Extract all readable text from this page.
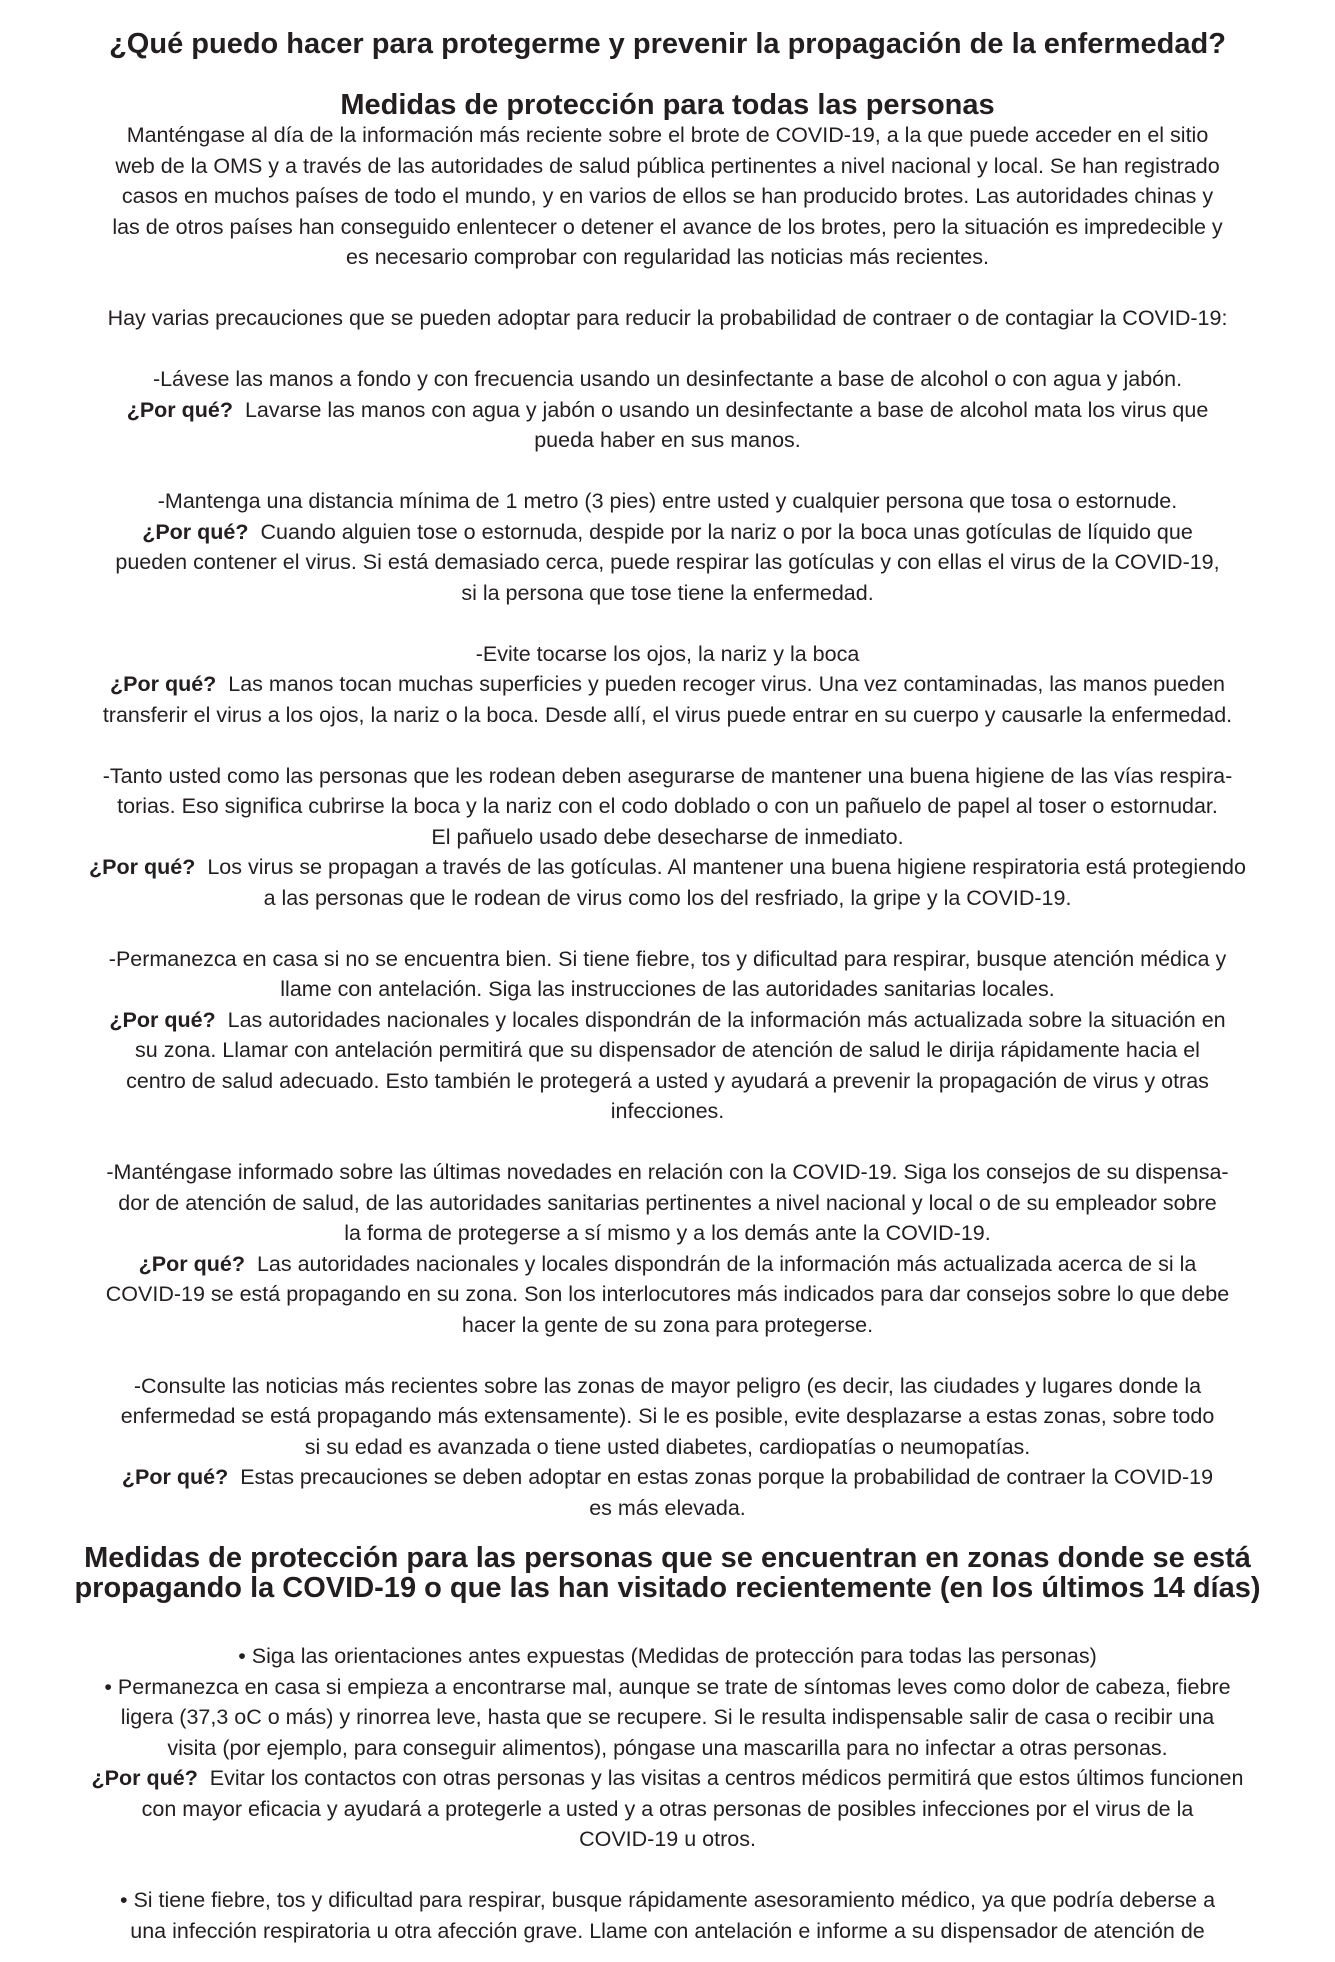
¿Qué puedo hacer para protegerme y prevenir la propagación de la enfermedad?
Medidas de protección para todas las personas

Manténgase al día de la información más reciente sobre el brote de COVID-19, a la que puede acceder en el sitio

web de la OMS y a través de las autoridades de salud pública pertinentes a nivel nacional y local. Se han registrado

casos en muchos países de todo el mundo, y en varios de ellos se han producido brotes. Las autoridades chinas y

las de otros países han conseguido enlentecer o detener el avance de los brotes, pero la situación es impredecible y

es necesario comprobar con regularidad las noticias más recientes.

Hay varias precauciones que se pueden adoptar para reducir la probabilidad de contraer o de contagiar la COVID-19:

-Lávese las manos a fondo y con frecuencia usando un desinfectante a base de alcohol o con agua y jabón.

¿Por qué? Lavarse las manos con agua y jabón o usando un desinfectante a base de alcohol mata los virus que

pueda haber en sus manos.

-Mantenga una distancia mínima de 1 metro (3 pies) entre usted y cualquier persona que tosa o estornude.

¿Por qué? Cuando alguien tose o estornuda, despide por la nariz o por la boca unas gotículas de líquido que

pueden contener el virus. Si está demasiado cerca, puede respirar las gotículas y con ellas el virus de la COVID-19,

si la persona que tose tiene la enfermedad.

-Evite tocarse los ojos, la nariz y la boca

¿Por qué? Las manos tocan muchas superficies y pueden recoger virus. Una vez contaminadas, las manos pueden

transferir el virus a los ojos, la nariz o la boca. Desde allí, el virus puede entrar en su cuerpo y causarle la enfermedad.

-Tanto usted como las personas que les rodean deben asegurarse de mantener una buena higiene de las vías respira-

torias. Eso significa cubrirse la boca y la nariz con el codo doblado o con un pañuelo de papel al toser o estornudar.

El pañuelo usado debe desecharse de inmediato.

¿Por qué? Los virus se propagan a través de las gotículas. Al mantener una buena higiene respiratoria está protegiendo

a las personas que le rodean de virus como los del resfriado, la gripe y la COVID-19.

-Permanezca en casa si no se encuentra bien. Si tiene fiebre, tos y dificultad para respirar, busque atención médica y

llame con antelación. Siga las instrucciones de las autoridades sanitarias locales.

¿Por qué? Las autoridades nacionales y locales dispondrán de la información más actualizada sobre la situación en

su zona. Llamar con antelación permitirá que su dispensador de atención de salud le dirija rápidamente hacia el

centro de salud adecuado. Esto también le protegerá a usted y ayudará a prevenir la propagación de virus y otras

infecciones.

-Manténgase informado sobre las últimas novedades en relación con la COVID-19. Siga los consejos de su dispensa-

dor de atención de salud, de las autoridades sanitarias pertinentes a nivel nacional y local o de su empleador sobre

la forma de protegerse a sí mismo y a los demás ante la COVID-19.

¿Por qué? Las autoridades nacionales y locales dispondrán de la información más actualizada acerca de si la

COVID-19 se está propagando en su zona. Son los interlocutores más indicados para dar consejos sobre lo que debe

hacer la gente de su zona para protegerse.

-Consulte las noticias más recientes sobre las zonas de mayor peligro (es decir, las ciudades y lugares donde la

enfermedad se está propagando más extensamente). Si le es posible, evite desplazarse a estas zonas, sobre todo

si su edad es avanzada o tiene usted diabetes, cardiopatías o neumopatías.

¿Por qué? Estas precauciones se deben adoptar en estas zonas porque la probabilidad de contraer la COVID-19

es más elevada.

Medidas de protección para las personas que se encuentran en zonas donde se está
propagando la COVID-19 o que las han visitado recientemente (en los últimos 14 días)

• Siga las orientaciones antes expuestas (Medidas de protección para todas las personas)

• Permanezca en casa si empieza a encontrarse mal, aunque se trate de síntomas leves como dolor de cabeza, fiebre

ligera (37,3 oC o más) y rinorrea leve, hasta que se recupere. Si le resulta indispensable salir de casa o recibir una

visita (por ejemplo, para conseguir alimentos), póngase una mascarilla para no infectar a otras personas.

¿Por qué? Evitar los contactos con otras personas y las visitas a centros médicos permitirá que estos últimos funcionen

con mayor eficacia y ayudará a protegerle a usted y a otras personas de posibles infecciones por el virus de la

COVID-19 u otros.

• Si tiene fiebre, tos y dificultad para respirar, busque rápidamente asesoramiento médico, ya que podría deberse a

una infección respiratoria u otra afección grave. Llame con antelación e informe a su dispensador de atención de
